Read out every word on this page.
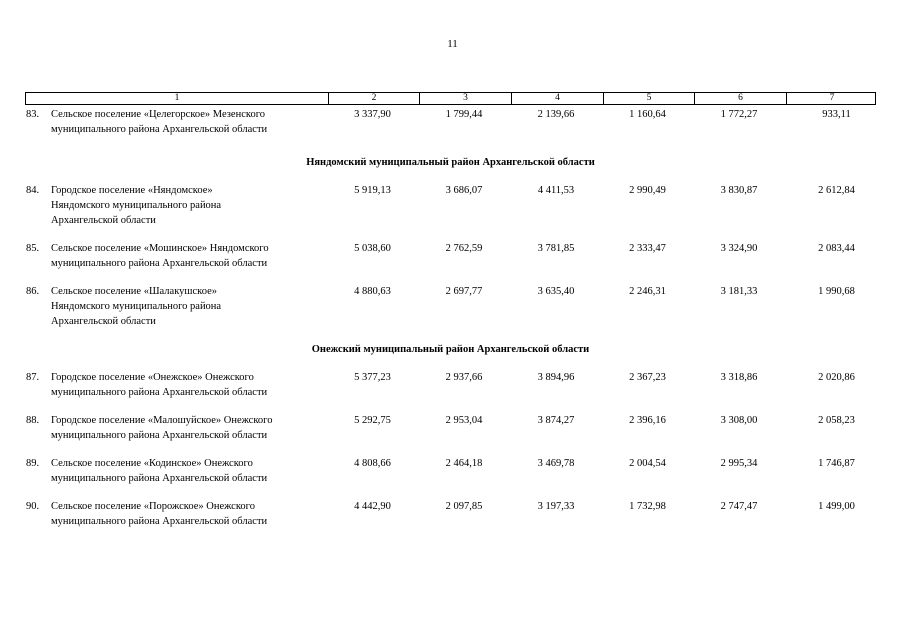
11
1	2	3	4	5	6	7
83.	Сельское поселение «Целегорское» Мезенского муниципального района Архангельской области
3 337,90	1 799,44	2 139,66	1 160,64	1 772,27	933,11
Няндомский муниципальный район Архангельской области
84.	Городское поселение «Няндомское» Няндомского муниципального района Архангельской области
5 919,13	3 686,07	4 411,53	2 990,49	3 830,87	2 612,84
85.	Сельское поселение «Мошинское» Няндомского муниципального района Архангельской области
5 038,60	2 762,59	3 781,85	2 333,47	3 324,90	2 083,44
86.	Сельское поселение «Шалакушское» Няндомского муниципального района Архангельской области
4 880,63	2 697,77	3 635,40	2 246,31	3 181,33	1 990,68
Онежский муниципальный район Архангельской области
87.	Городское поселение «Онежское» Онежского муниципального района Архангельской области
5 377,23	2 937,66	3 894,96	2 367,23	3 318,86	2 020,86
88.	Городское поселение «Малошуйское» Онежского муниципального района Архангельской области
5 292,75	2 953,04	3 874,27	2 396,16	3 308,00	2 058,23
89.	Сельское поселение «Кодинское» Онежского муниципального района Архангельской области
4 808,66	2 464,18	3 469,78	2 004,54	2 995,34	1 746,87
90.	Сельское поселение «Порожское» Онежского муниципального района Архангельской области
4 442,90	2 097,85	3 197,33	1 732,98	2 747,47	1 499,00
